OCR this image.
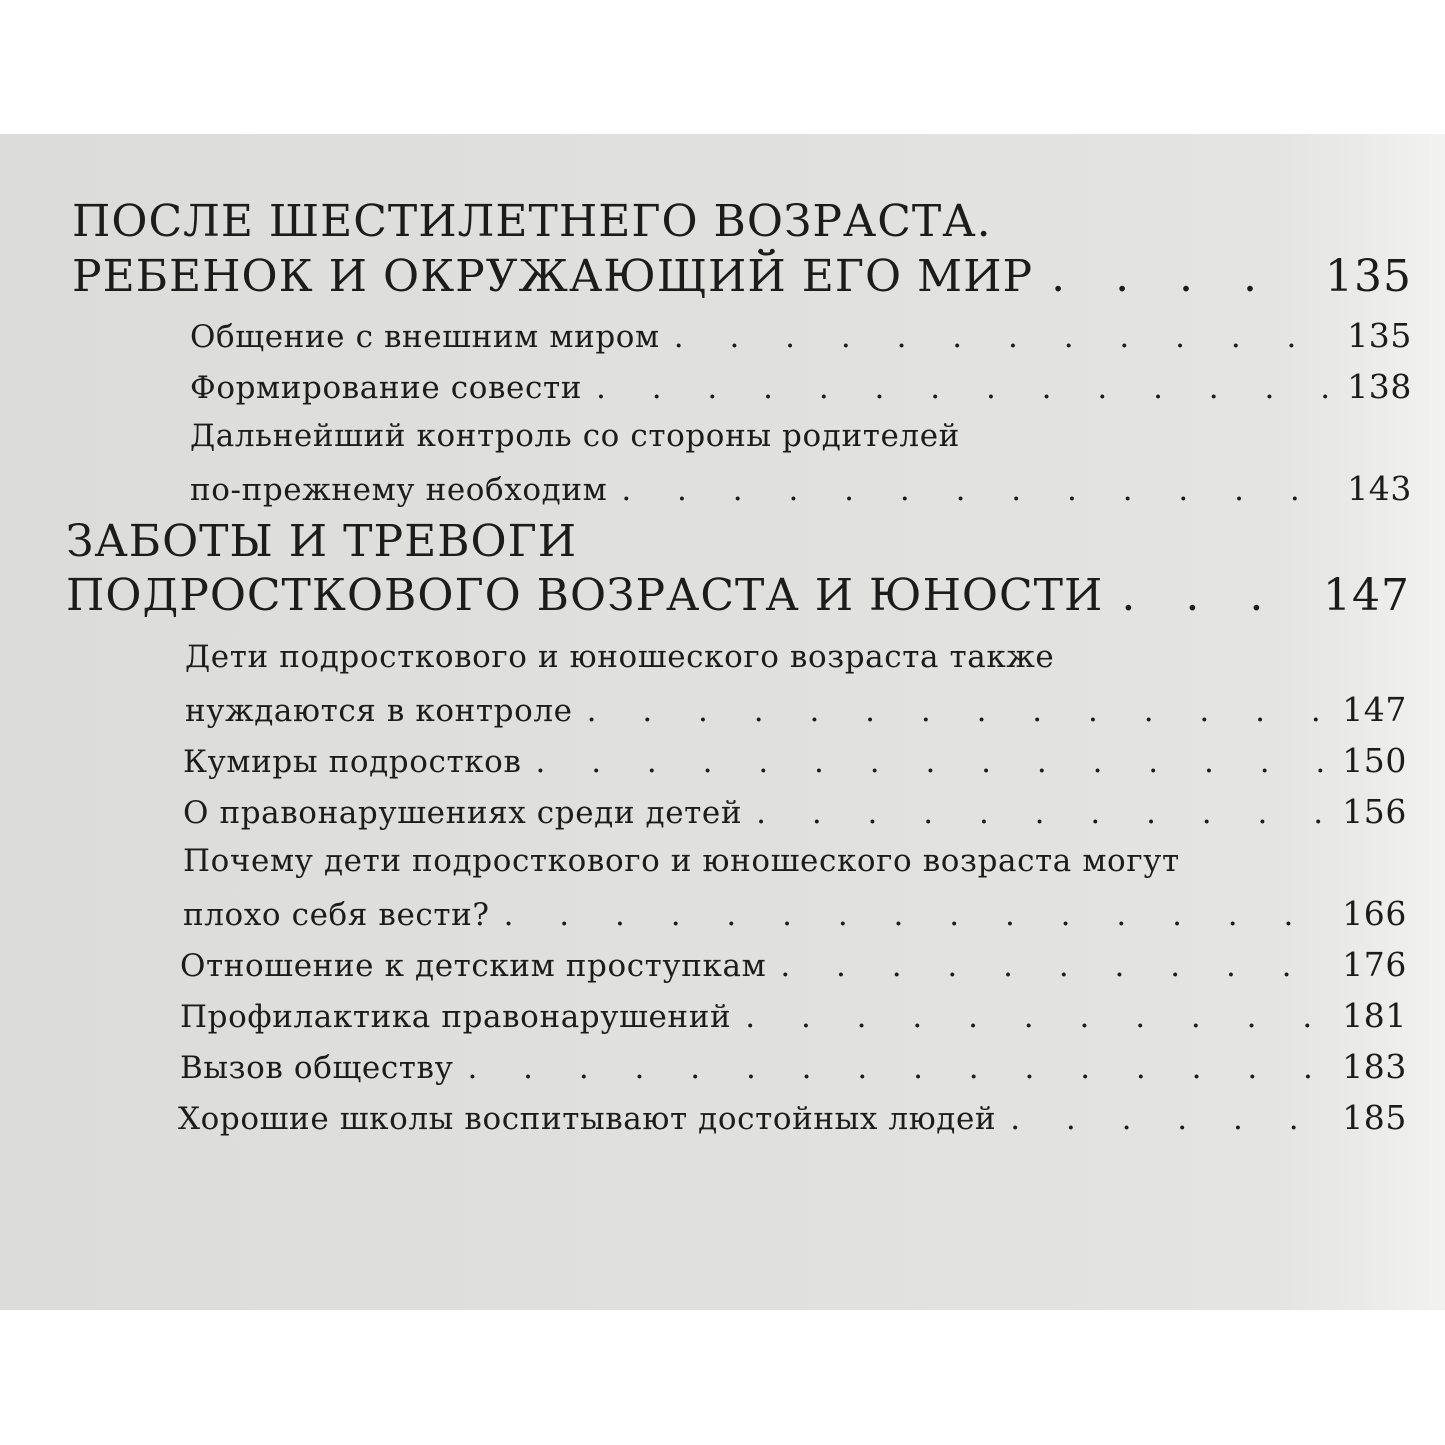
ПОСЛЕ ШЕСТИЛЕТНЕГО ВОЗРАСТА.
РЕБЕНОК И ОКРУЖАЮЩИЙ ЕГО МИР . . .	135
Общение с внешним миром . . .	135
Формирование совести . . .	138
Дальнейший контроль со стороны родителей
по-прежнему необходим . . .	143
ЗАБОТЫ И ТРЕВОГИ
ПОДРОСТКОВОГО ВОЗРАСТА И ЮНОСТИ . . .	147
Дети подросткового и юношеского возраста также
нуждаются в контроле . . .	147
Кумиры подростков . . .	150
О правонарушениях среди детей . . .	156
Почему дети подросткового и юношеского возраста могут
плохо себя вести? . . .	166
Отношение к детским проступкам . . .	176
Профилактика правонарушений . . .	181
Вызов обществу . . .	183
Хорошие школы воспитывают достойных людей . . .	185
